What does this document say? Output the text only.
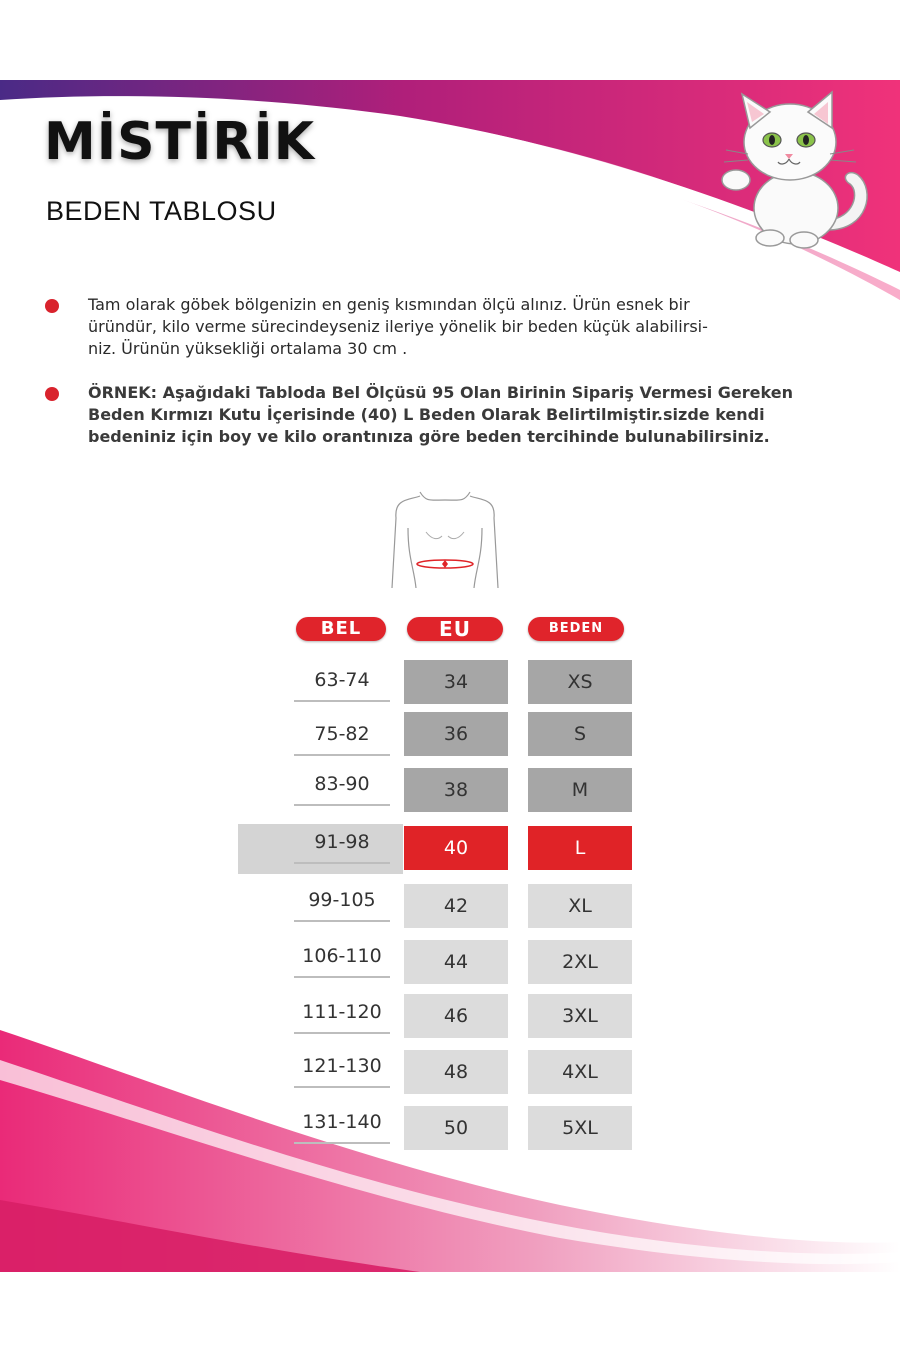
MİSTİRİK
BEDEN TABLOSU
Tam olarak göbek bölgenizin en geniş kısmından ölçü alınız. Ürün esnek bir
üründür, kilo verme sürecindeyseniz ileriye yönelik bir beden küçük alabilirsi-
niz. Ürünün yüksekliği ortalama 30 cm .
ÖRNEK: Aşağıdaki Tabloda Bel Ölçüsü 95 Olan Birinin Sipariş Vermesi Gereken
Beden Kırmızı Kutu İçerisinde (40) L Beden Olarak Belirtilmiştir.sizde kendi
bedeniniz için boy ve kilo orantınıza göre beden tercihinde bulunabilirsiniz.
BEL	EU	BEDEN
63-74	34	XS
75-82	36	S
83-90	38	M
91-98	40	L
99-105	42	XL
106-110	44	2XL
111-120	46	3XL
121-130	48	4XL
131-140	50	5XL
